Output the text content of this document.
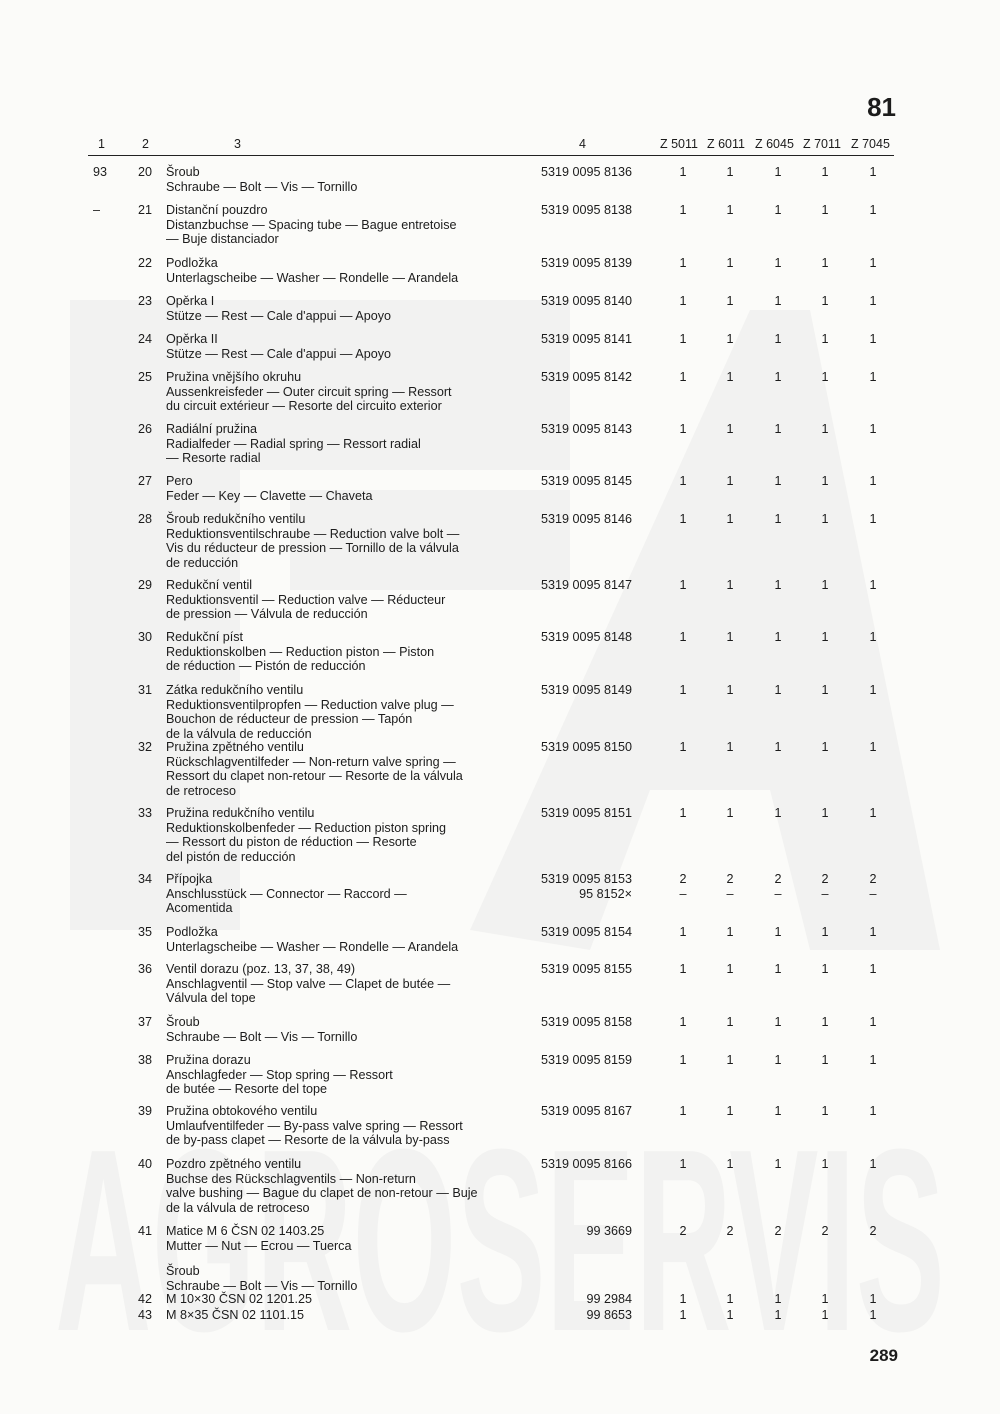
AGROSERVIS
81
1	2	3	4	Z 5011 Z 6011 Z 6045 Z 7011 Z 7045
93	20 Šroub
Schraube — Bolt — Vis — Tornillo
5319 0095 8136	1	1	1	1	1
–	21 Distanční pouzdro
Distanzbuchse — Spacing tube — Bague entretoise
— Buje distanciador
5319 0095 8138	1	1	1	1	1
22 Podložka
Unterlagscheibe — Washer — Rondelle — Arandela
5319 0095 8139	1	1	1	1	1
23 Opěrka I
Stütze — Rest — Cale d'appui — Apoyo
5319 0095 8140	1	1	1	1	1
24 Opěrka II
Stütze — Rest — Cale d'appui — Apoyo
5319 0095 8141	1	1	1	1	1
25 Pružina vnějšího okruhu
Aussenkreisfeder — Outer circuit spring — Ressort
du circuit extérieur — Resorte del circuito exterior
5319 0095 8142	1	1	1	1	1
26 Radiální pružina
Radialfeder — Radial spring — Ressort radial
— Resorte radial
5319 0095 8143	1	1	1	1	1
27 Pero
Feder — Key — Clavette — Chaveta
5319 0095 8145	1	1	1	1	1
28 Šroub redukčního ventilu
Reduktionsventilschraube — Reduction valve bolt —
Vis du réducteur de pression — Tornillo de la válvula
de reducción
5319 0095 8146	1	1	1	1	1
29 Redukční ventil
Reduktionsventil — Reduction valve — Réducteur
de pression — Válvula de reducción
5319 0095 8147	1	1	1	1	1
30 Redukční píst
Reduktionskolben — Reduction piston — Piston
de réduction — Pistón de reducción
5319 0095 8148	1	1	1	1	1
31 Zátka redukčního ventilu
Reduktionsventilpropfen — Reduction valve plug —
Bouchon de réducteur de pression — Tapón
de la válvula de reducción
5319 0095 8149	1	1	1	1	1
32 Pružina zpětného ventilu
Rückschlagventilfeder — Non-return valve spring —
Ressort du clapet non-retour — Resorte de la válvula
de retroceso
5319 0095 8150	1	1	1	1	1
33 Pružina redukčního ventilu
Reduktionskolbenfeder — Reduction piston spring
— Ressort du piston de réduction — Resorte
del pistón de reducción
5319 0095 8151	1	1	1	1	1
34 Přípojka
Anschlusstück — Connector — Raccord —
Acomentida
5319 0095 8153
95 8152×
2	2	2	2	2
–	–	–	–	–
35 Podložka
Unterlagscheibe — Washer — Rondelle — Arandela
5319 0095 8154	1	1	1	1	1
36 Ventil dorazu (poz. 13, 37, 38, 49)
Anschlagventil — Stop valve — Clapet de butée —
Válvula del tope
5319 0095 8155	1	1	1	1	1
37 Šroub
Schraube — Bolt — Vis — Tornillo
5319 0095 8158	1	1	1	1	1
38 Pružina dorazu
Anschlagfeder — Stop spring — Ressort
de butée — Resorte del tope
5319 0095 8159	1	1	1	1	1
39 Pružina obtokového ventilu
Umlaufventilfeder — By-pass valve spring — Ressort
de by-pass clapet — Resorte de la válvula by-pass
5319 0095 8167	1	1	1	1	1
40 Pozdro zpětného ventilu
Buchse des Rückschlagventils — Non-return
valve bushing — Bague du clapet de non-retour — Buje
de la válvula de retroceso
5319 0095 8166	1	1	1	1	1
41 Matice M 6 ČSN 02 1403.25
Mutter — Nut — Ecrou — Tuerca
99 3669	2	2	2	2	2
Šroub
Schraube — Bolt — Vis — Tornillo
42 M 10×30 ČSN 02 1201.25	99 2984	1	1	1	1	1
43 M 8×35 ČSN 02 1101.15	99 8653	1	1	1	1	1
289
